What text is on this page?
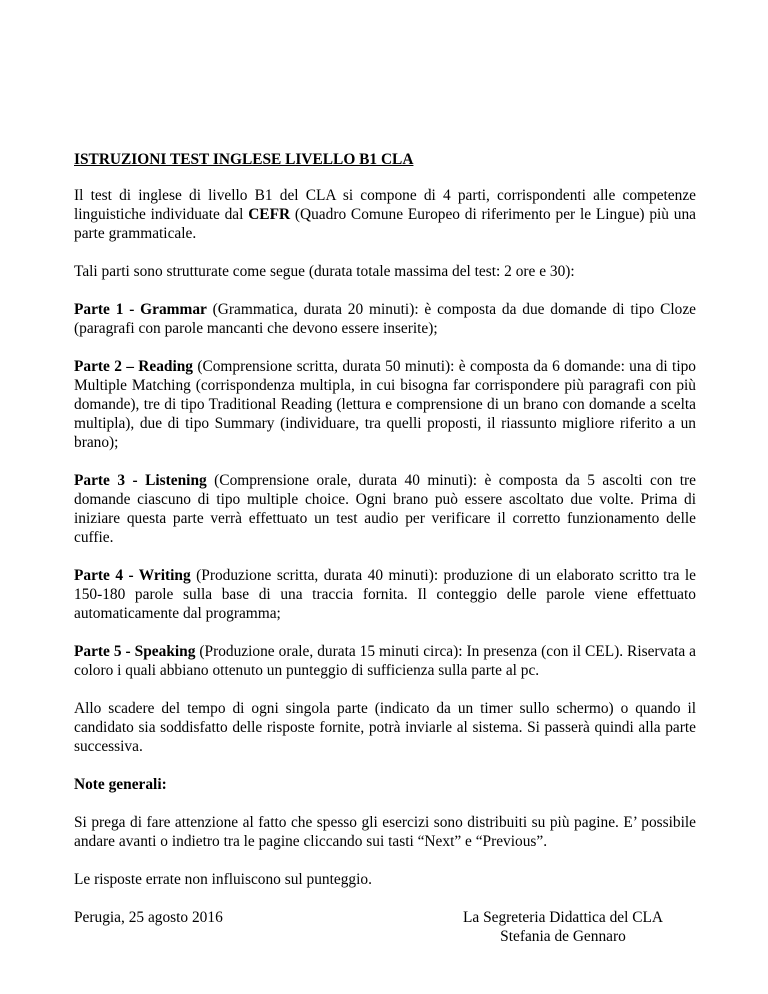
ISTRUZIONI TEST INGLESE LIVELLO B1 CLA

Il test di inglese di livello B1 del CLA si compone di 4 parti, corrispondenti alle competenze linguistiche individuate dal CEFR (Quadro Comune Europeo di riferimento per le Lingue) più una parte grammaticale.

Tali parti sono strutturate come segue (durata totale massima del test: 2 ore e 30):

Parte 1 - Grammar (Grammatica, durata 20 minuti): è composta da due domande di tipo Cloze (paragrafi con parole mancanti che devono essere inserite);

Parte 2 – Reading (Comprensione scritta, durata 50 minuti): è composta da 6 domande: una di tipo Multiple Matching (corrispondenza multipla, in cui bisogna far corrispondere più paragrafi con più domande), tre di tipo Traditional Reading (lettura e comprensione di un brano con domande a scelta multipla), due di tipo Summary (individuare, tra quelli proposti, il riassunto migliore riferito a un brano);

Parte 3 - Listening (Comprensione orale, durata 40 minuti): è composta da 5 ascolti con tre domande ciascuno di tipo multiple choice. Ogni brano può essere ascoltato due volte. Prima di iniziare questa parte verrà effettuato un test audio per verificare il corretto funzionamento delle cuffie.

Parte 4 - Writing (Produzione scritta, durata 40 minuti): produzione di un elaborato scritto tra le 150-180 parole sulla base di una traccia fornita. Il conteggio delle parole viene effettuato automaticamente dal programma;

Parte 5 - Speaking (Produzione orale, durata 15 minuti circa): In presenza (con il CEL). Riservata a coloro i quali abbiano ottenuto un punteggio di sufficienza sulla parte al pc.

Allo scadere del tempo di ogni singola parte (indicato da un timer sullo schermo) o quando il candidato sia soddisfatto delle risposte fornite, potrà inviarle al sistema. Si passerà quindi alla parte successiva.

Note generali:

Si prega di fare attenzione al fatto che spesso gli esercizi sono distribuiti su più pagine. E’ possibile andare avanti o indietro tra le pagine cliccando sui tasti “Next” e “Previous”.

Le risposte errate non influiscono sul punteggio.

Perugia, 25 agosto 2016	La Segreteria Didattica del CLA
Stefania de Gennaro
